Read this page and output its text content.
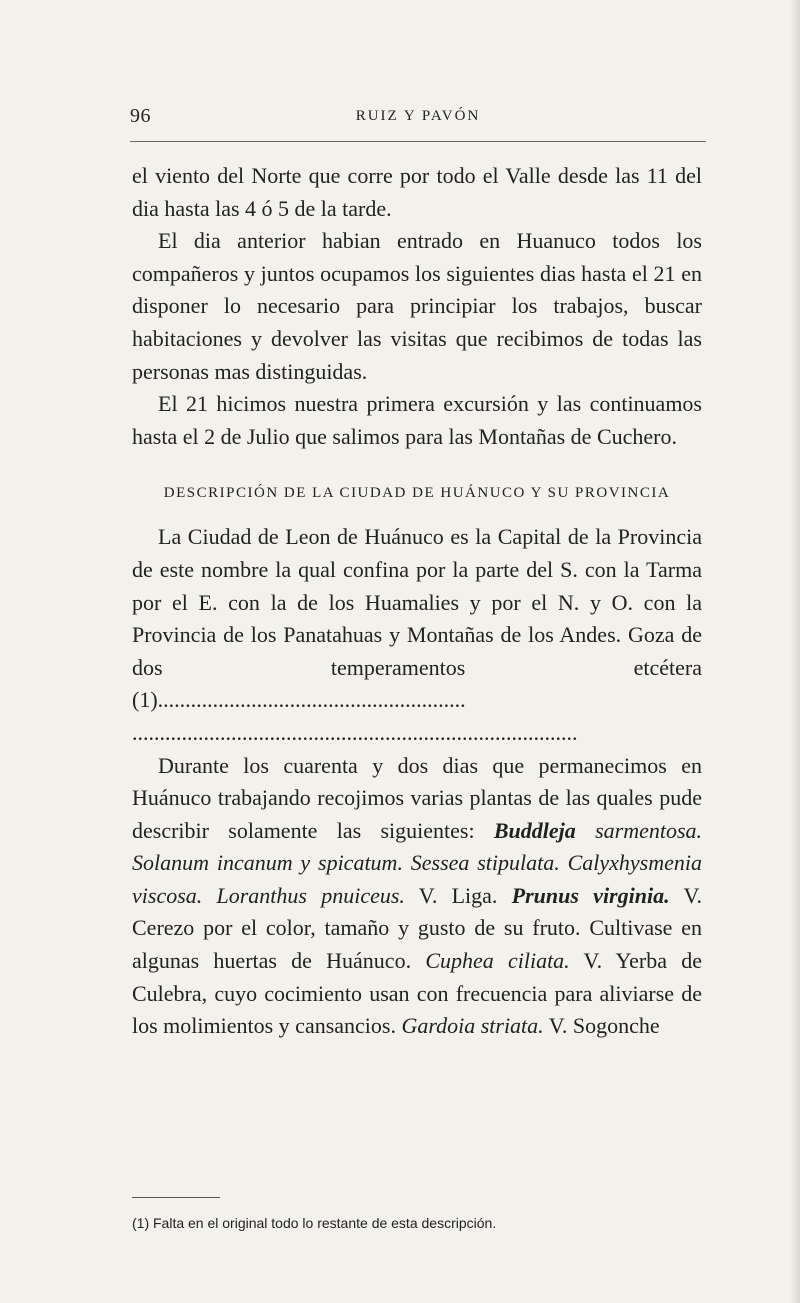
96	RUIZ Y PAVÓN

el viento del Norte que corre por todo el Valle desde las 11 del dia hasta las 4 ó 5 de la tarde.

El dia anterior habian entrado en Huanuco todos los compañeros y juntos ocupamos los siguientes dias hasta el 21 en disponer lo necesario para principiar los trabajos, buscar habitaciones y devolver las visitas que recibimos de todas las personas mas distinguidas.

El 21 hicimos nuestra primera excursión y las continuamos hasta el 2 de Julio que salimos para las Montañas de Cuchero.

DESCRIPCIÓN DE LA CIUDAD DE HUÁNUCO Y SU PROVINCIA

La Ciudad de Leon de Huánuco es la Capital de la Provincia de este nombre la qual confina por la parte del S. con la Tarma por el E. con la de los Huamalies y por el N. y O. con la Provincia de los Panatahuas y Montañas de los Andes. Goza de dos temperamentos etcétera (1)........................................................

.................................................................................

Durante los cuarenta y dos dias que permanecimos en Huánuco trabajando recojimos varias plantas de las quales pude describir solamente las siguientes: Buddleja sarmentosa. Solanum incanum y spicatum. Sessea stipulata. Calyxhysmenia viscosa. Loranthus pnuiceus. V. Liga. Prunus virginia. V. Cerezo por el color, tamaño y gusto de su fruto. Cultivase en algunas huertas de Huánuco. Cuphea ciliata. V. Yerba de Culebra, cuyo cocimiento usan con frecuencia para aliviarse de los molimientos y cansancios. Gardoia striata. V. Sogonche

(1) Falta en el original todo lo restante de esta descripción.
